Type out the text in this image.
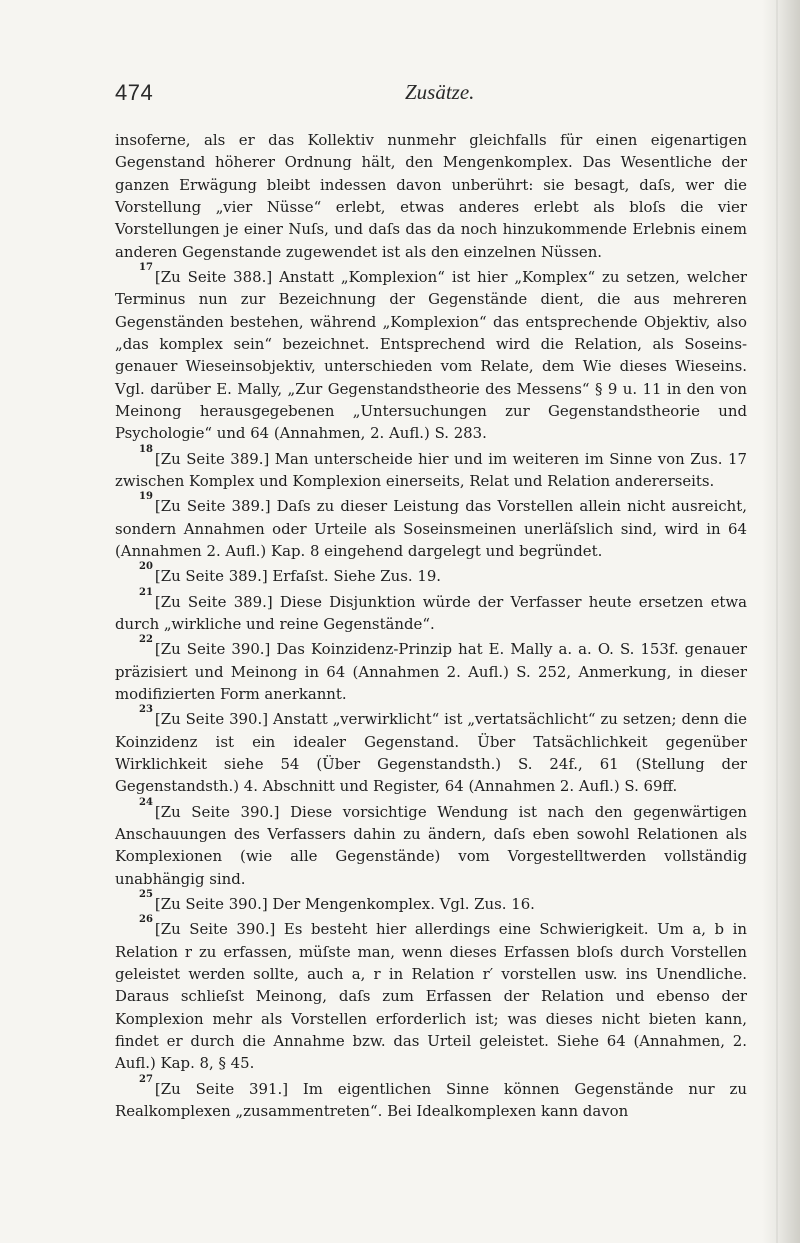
474	Zusätze.

insoferne, als er das Kollektiv nunmehr gleichfalls für einen eigenartigen Gegenstand höherer Ordnung hält, den Mengenkomplex. Das Wesentliche der ganzen Erwägung bleibt indessen davon unberührt: sie besagt, daſs, wer die Vorstellung „vier Nüsse“ erlebt, etwas anderes erlebt als bloſs die vier Vorstellungen je einer Nuſs, und daſs das da noch hinzukommende Erlebnis einem anderen Gegenstande zugewendet ist als den einzelnen Nüssen.

$^{17}$[Zu Seite 388.] Anstatt „Komplexion“ ist hier „Komplex“ zu setzen, welcher Terminus nun zur Bezeichnung der Gegenstände dient, die aus mehreren Gegenständen bestehen, während „Komplexion“ das entsprechende Objektiv, also „das komplex sein“ bezeichnet. Entsprechend wird die Relation, als Soseins- genauer Wieseinsobjektiv, unterschieden vom Relate, dem Wie dieses Wieseins. Vgl. darüber E. Mally, „Zur Gegenstandstheorie des Messens“ § 9 u. 11 in den von Meinong herausgegebenen „Untersuchungen zur Gegenstandstheorie und Psychologie“ und 64 (Annahmen, 2. Aufl.) S. 283.

$^{18}$[Zu Seite 389.] Man unterscheide hier und im weiteren im Sinne von Zus. 17 zwischen Komplex und Komplexion einerseits, Relat und Relation andererseits.

$^{19}$[Zu Seite 389.] Daſs zu dieser Leistung das Vorstellen allein nicht ausreicht, sondern Annahmen oder Urteile als Soseinsmeinen unerläſslich sind, wird in 64 (Annahmen 2. Aufl.) Kap. 8 eingehend dargelegt und begründet.

$^{20}$[Zu Seite 389.] Erfaſst. Siehe Zus. 19.

$^{21}$[Zu Seite 389.] Diese Disjunktion würde der Verfasser heute ersetzen etwa durch „wirkliche und reine Gegenstände“.

$^{22}$[Zu Seite 390.] Das Koinzidenz-Prinzip hat E. Mally a. a. O. S. 153f. genauer präzisiert und Meinong in 64 (Annahmen 2. Aufl.) S. 252, Anmerkung, in dieser modifizierten Form anerkannt.

$^{23}$[Zu Seite 390.] Anstatt „verwirklicht“ ist „vertatsächlicht“ zu setzen; denn die Koinzidenz ist ein idealer Gegenstand. Über Tatsächlichkeit gegenüber Wirklichkeit siehe 54 (Über Gegenstandsth.) S. 24f., 61 (Stellung der Gegenstandsth.) 4. Abschnitt und Register, 64 (Annahmen 2. Aufl.) S. 69ff.

$^{24}$[Zu Seite 390.] Diese vorsichtige Wendung ist nach den gegenwärtigen Anschauungen des Verfassers dahin zu ändern, daſs eben sowohl Relationen als Komplexionen (wie alle Gegenstände) vom Vorgestelltwerden vollständig unabhängig sind.

$^{25}$[Zu Seite 390.] Der Mengenkomplex. Vgl. Zus. 16.

$^{26}$[Zu Seite 390.] Es besteht hier allerdings eine Schwierigkeit. Um a, b in Relation r zu erfassen, müſste man, wenn dieses Erfassen bloſs durch Vorstellen geleistet werden sollte, auch a, r in Relation r′ vorstellen usw. ins Unendliche. Daraus schlieſst Meinong, daſs zum Erfassen der Relation und ebenso der Komplexion mehr als Vorstellen erforderlich ist; was dieses nicht bieten kann, findet er durch die Annahme bzw. das Urteil geleistet. Siehe 64 (Annahmen, 2. Aufl.) Kap. 8, § 45.

$^{27}$[Zu Seite 391.] Im eigentlichen Sinne können Gegenstände nur zu Realkomplexen „zusammentreten“. Bei Idealkomplexen kann davon
